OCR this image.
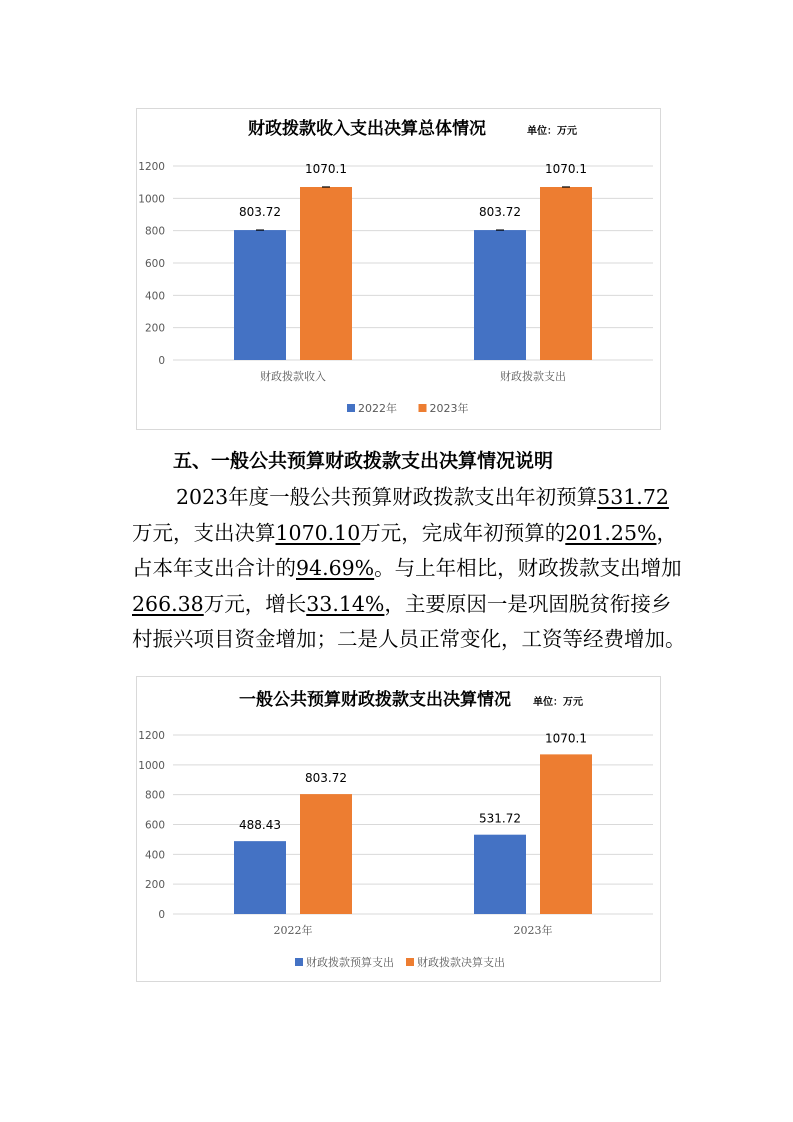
财政拨款收入支出决算总体情况	单位：万元
0
200
400
600
800
1000
1200
803.72
1070.1
财政拨款收入
803.72
1070.1
财政拨款支出
2022年	2023年
五、一般公共预算财政拨款支出决算情况说明
2023年度一般公共预算财政拨款支出年初预算531.72
万元，支出决算1070.10万元，完成年初预算的201.25%，
占本年支出合计的94.69%。与上年相比，财政拨款支出增加
266.38万元，增长33.14%，主要原因一是巩固脱贫衔接乡
村振兴项目资金增加；二是人员正常变化，工资等经费增加。
一般公共预算财政拨款支出决算情况 单位：万元
0
200
400
600
800
1000
1200
488.43
803.72
2022年
531.72
1070.1
2023年
财政拨款预算支出 财政拨款决算支出
